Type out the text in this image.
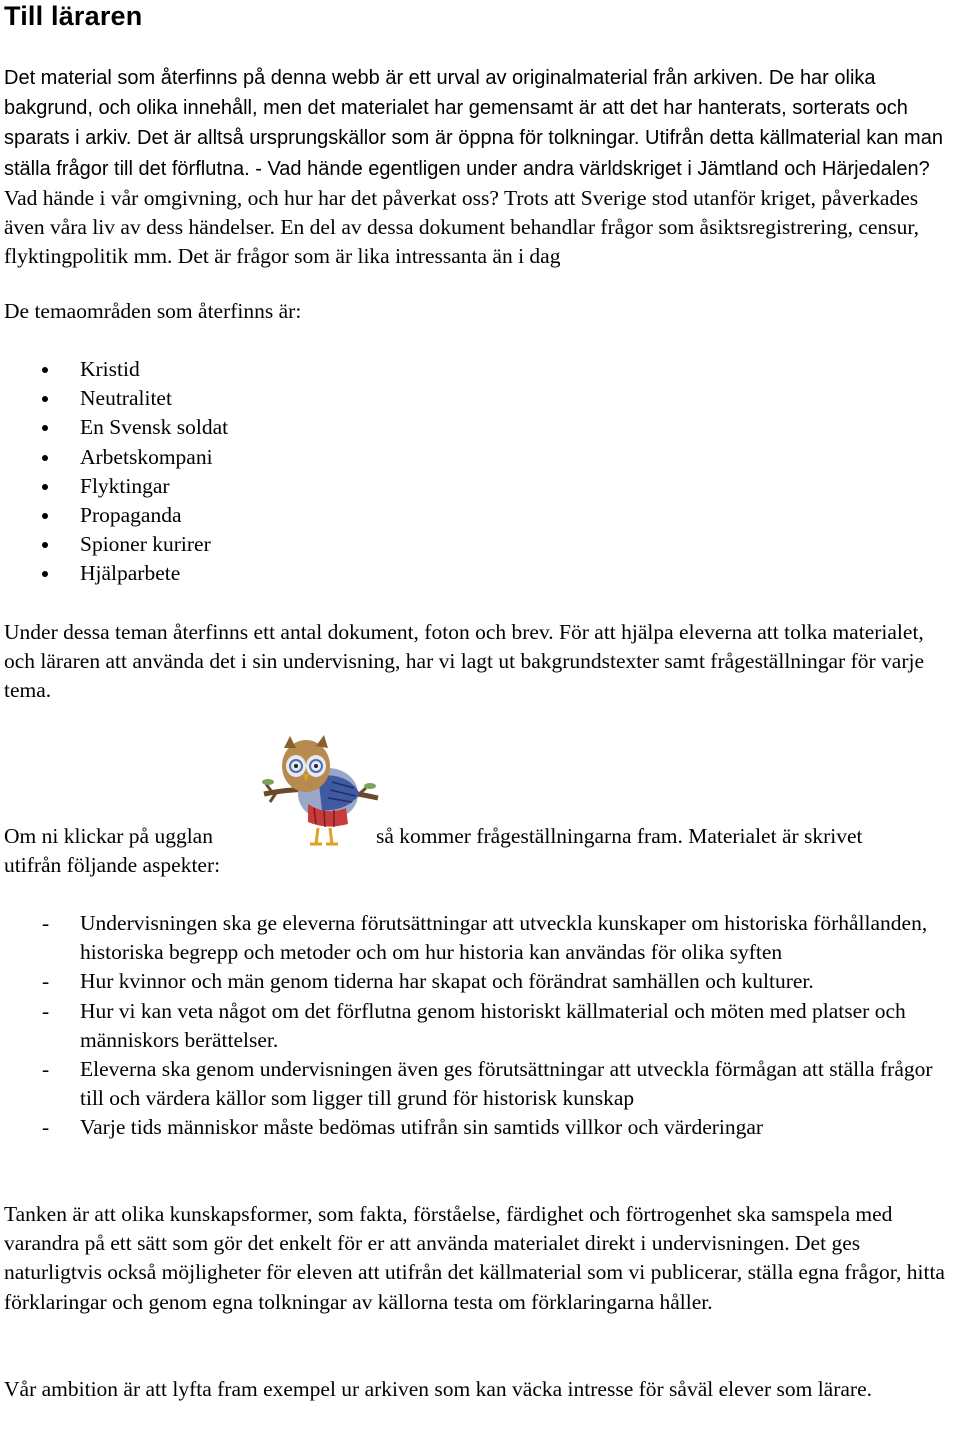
Till läraren

Det material som återfinns på denna webb är ett urval av originalmaterial från arkiven. De har olika bakgrund, och olika innehåll, men det materialet har gemensamt är att det har hanterats, sorterats och sparats i arkiv. Det är alltså ursprungskällor som är öppna för tolkningar. Utifrån detta källmaterial kan man ställa frågor till det förflutna. - Vad hände egentligen under andra världskriget i Jämtland och Härjedalen? Vad hände i vår omgivning, och hur har det påverkat oss? Trots att Sverige stod utanför kriget, påverkades även våra liv av dess händelser. En del av dessa dokument behandlar frågor som åsiktsregistrering, censur, flyktingpolitik mm. Det är frågor som är lika intressanta än i dag

De temaområden som återfinns är:

Kristid
Neutralitet
En Svensk soldat
Arbetskompani
Flyktingar
Propaganda
Spioner kurirer
Hjälparbete

Under dessa teman återfinns ett antal dokument, foton och brev. För att hjälpa eleverna att tolka materialet, och läraren att använda det i sin undervisning, har vi lagt ut bakgrundstexter samt frågeställningar för varje tema.

Om ni klickar på ugglan	så kommer frågeställningarna fram. Materialet är skrivet
utifrån följande aspekter:
- Undervisningen ska ge eleverna förutsättningar att utveckla kunskaper om historiska förhållanden, historiska begrepp och metoder och om hur historia kan användas för olika syften
- Hur kvinnor och män genom tiderna har skapat och förändrat samhällen och kulturer.
- Hur vi kan veta något om det förflutna genom historiskt källmaterial och möten med platser och människors berättelser.
- Eleverna ska genom undervisningen även ges förutsättningar att utveckla förmågan att ställa frågor till och värdera källor som ligger till grund för historisk kunskap
- Varje tids människor måste bedömas utifrån sin samtids villkor och värderingar

Tanken är att olika kunskapsformer, som fakta, förståelse, färdighet och förtrogenhet ska samspela med varandra på ett sätt som gör det enkelt för er att använda materialet direkt i undervisningen. Det ges naturligtvis också möjligheter för eleven att utifrån det källmaterial som vi publicerar, ställa egna frågor, hitta förklaringar och genom egna tolkningar av källorna testa om förklaringarna håller.

Vår ambition är att lyfta fram exempel ur arkiven som kan väcka intresse för såväl elever som lärare.
